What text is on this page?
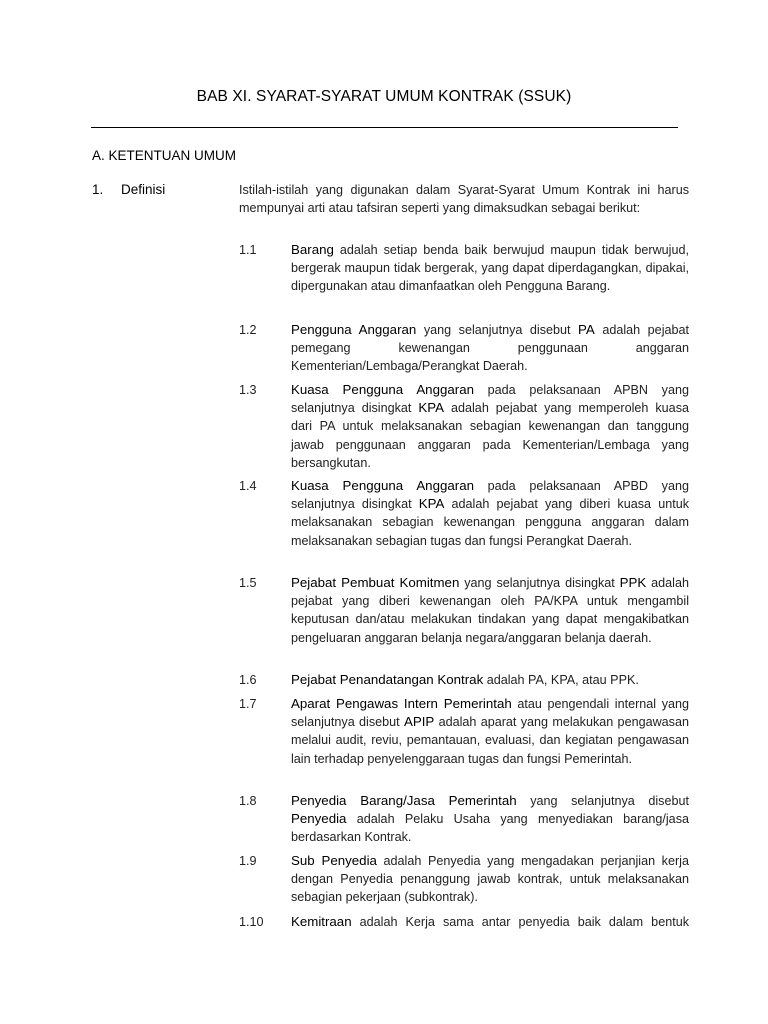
BAB XI. SYARAT-SYARAT UMUM KONTRAK (SSUK)
A. KETENTUAN UMUM
1. Definisi	Istilah-istilah yang digunakan dalam Syarat-Syarat Umum Kontrak ini harus mempunyai arti atau tafsiran seperti yang dimaksudkan sebagai berikut:
1.1	Barang adalah setiap benda baik berwujud maupun tidak berwujud, bergerak maupun tidak bergerak, yang dapat diperdagangkan, dipakai, dipergunakan atau dimanfaatkan oleh Pengguna Barang.
1.2	Pengguna Anggaran yang selanjutnya disebut PA adalah pejabat pemegang kewenangan penggunaan anggaran Kementerian/Lembaga/Perangkat Daerah.
1.3	Kuasa Pengguna Anggaran pada pelaksanaan APBN yang selanjutnya disingkat KPA adalah pejabat yang memperoleh kuasa dari PA untuk melaksanakan sebagian kewenangan dan tanggung jawab penggunaan anggaran pada Kementerian/Lembaga yang bersangkutan.
1.4	Kuasa Pengguna Anggaran pada pelaksanaan APBD yang selanjutnya disingkat KPA adalah pejabat yang diberi kuasa untuk melaksanakan sebagian kewenangan pengguna anggaran dalam melaksanakan sebagian tugas dan fungsi Perangkat Daerah.
1.5	Pejabat Pembuat Komitmen yang selanjutnya disingkat PPK adalah pejabat yang diberi kewenangan oleh PA/KPA untuk mengambil keputusan dan/atau melakukan tindakan yang dapat mengakibatkan pengeluaran anggaran belanja negara/anggaran belanja daerah.
1.6	Pejabat Penandatangan Kontrak adalah PA, KPA, atau PPK.
1.7	Aparat Pengawas Intern Pemerintah atau pengendali internal yang selanjutnya disebut APIP adalah aparat yang melakukan pengawasan melalui audit, reviu, pemantauan, evaluasi, dan kegiatan pengawasan lain terhadap penyelenggaraan tugas dan fungsi Pemerintah.
1.8	Penyedia Barang/Jasa Pemerintah yang selanjutnya disebut Penyedia adalah Pelaku Usaha yang menyediakan barang/jasa berdasarkan Kontrak.
1.9	Sub Penyedia adalah Penyedia yang mengadakan perjanjian kerja dengan Penyedia penanggung jawab kontrak, untuk melaksanakan sebagian pekerjaan (subkontrak).
1.10 Kemitraan adalah Kerja sama antar penyedia baik dalam bentuk
